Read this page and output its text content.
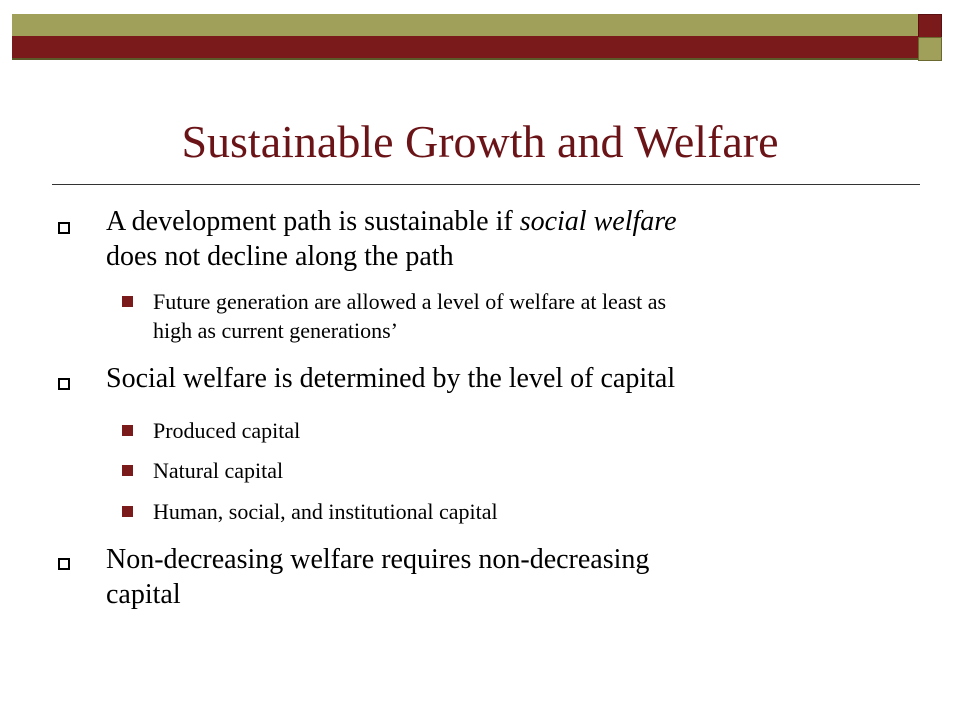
Sustainable Growth and Welfare
A development path is sustainable if social welfare
does not decline along the path
Future generation are allowed a level of welfare at least as
high as current generations’
Social welfare is determined by the level of capital
Produced capital
Natural capital
Human, social, and institutional capital
Non-decreasing welfare requires non-decreasing
capital
